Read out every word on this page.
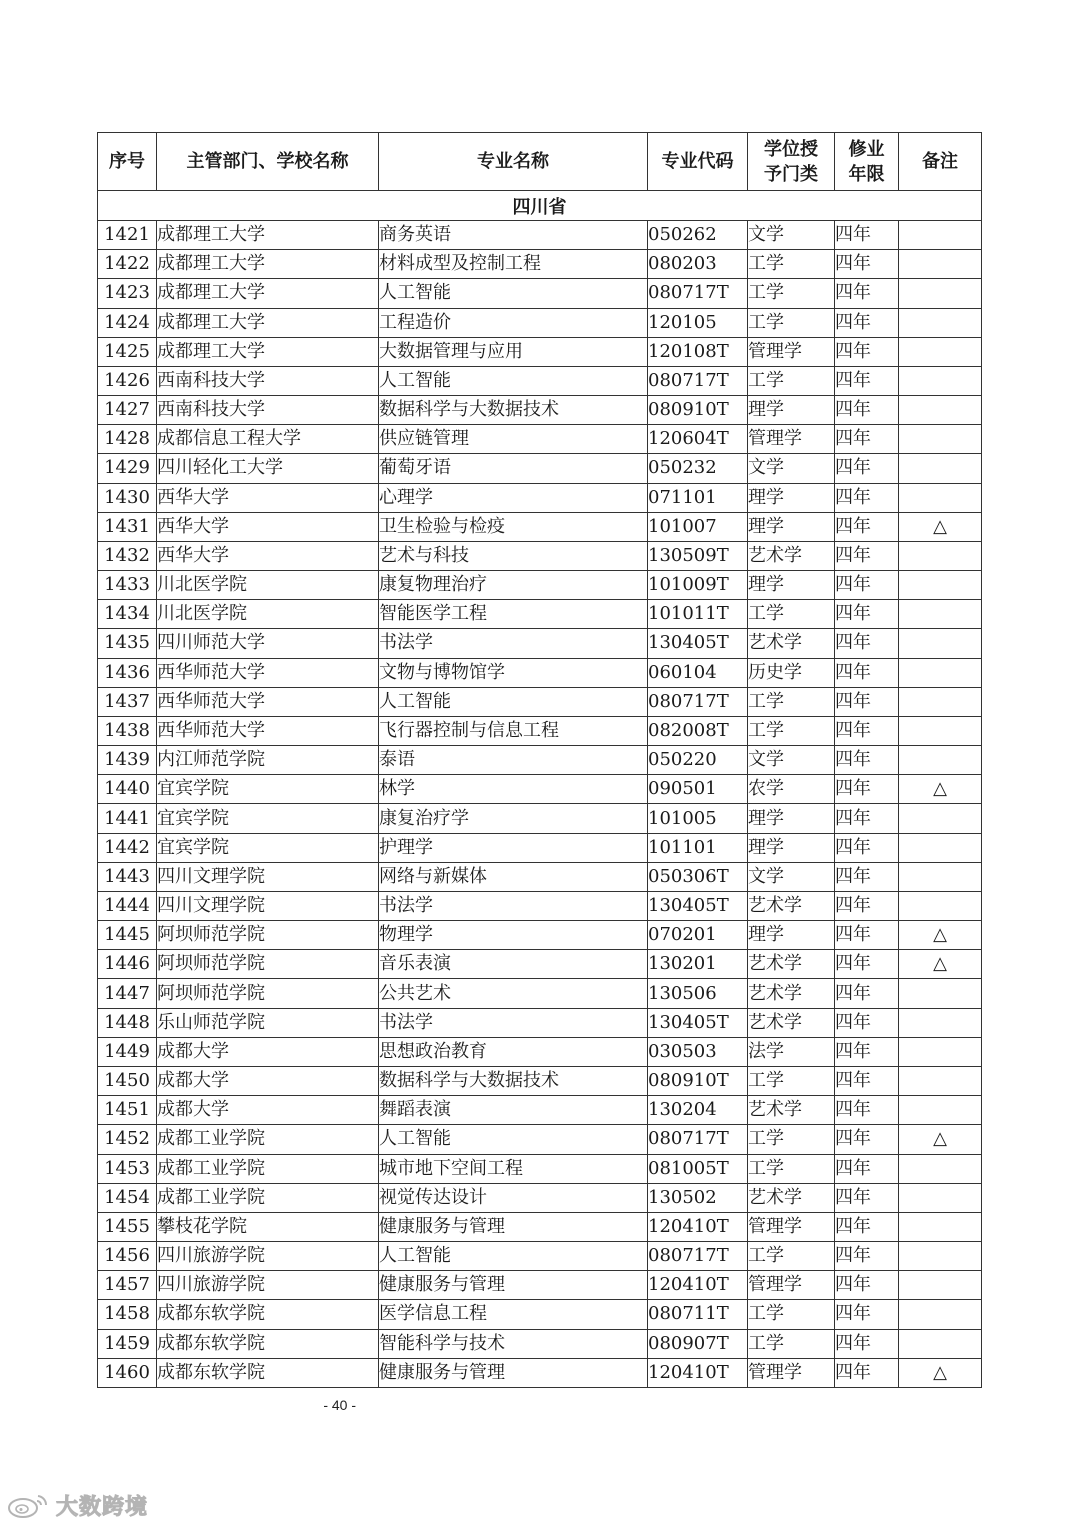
序号	主管部门、学校名称	专业名称	专业代码	学位授予门类	修业年限	备注
四川省						
1421	成都理工大学	商务英语	050262	文学	四年	
1422	成都理工大学	材料成型及控制工程	080203	工学	四年	
1423	成都理工大学	人工智能	080717T	工学	四年	
1424	成都理工大学	工程造价	120105	工学	四年	
1425	成都理工大学	大数据管理与应用	120108T	管理学	四年	
1426	西南科技大学	人工智能	080717T	工学	四年	
1427	西南科技大学	数据科学与大数据技术	080910T	理学	四年	
1428	成都信息工程大学	供应链管理	120604T	管理学	四年	
1429	四川轻化工大学	葡萄牙语	050232	文学	四年	
1430	西华大学	心理学	071101	理学	四年	
1431	西华大学	卫生检验与检疫	101007	理学	四年	△
1432	西华大学	艺术与科技	130509T	艺术学	四年	
1433	川北医学院	康复物理治疗	101009T	理学	四年	
1434	川北医学院	智能医学工程	101011T	工学	四年	
1435	四川师范大学	书法学	130405T	艺术学	四年	
1436	西华师范大学	文物与博物馆学	060104	历史学	四年	
1437	西华师范大学	人工智能	080717T	工学	四年	
1438	西华师范大学	飞行器控制与信息工程	082008T	工学	四年	
1439	内江师范学院	泰语	050220	文学	四年	
1440	宜宾学院	林学	090501	农学	四年	△
1441	宜宾学院	康复治疗学	101005	理学	四年	
1442	宜宾学院	护理学	101101	理学	四年	
1443	四川文理学院	网络与新媒体	050306T	文学	四年	
1444	四川文理学院	书法学	130405T	艺术学	四年	
1445	阿坝师范学院	物理学	070201	理学	四年	△
1446	阿坝师范学院	音乐表演	130201	艺术学	四年	△
1447	阿坝师范学院	公共艺术	130506	艺术学	四年	
1448	乐山师范学院	书法学	130405T	艺术学	四年	
1449	成都大学	思想政治教育	030503	法学	四年	
1450	成都大学	数据科学与大数据技术	080910T	工学	四年	
1451	成都大学	舞蹈表演	130204	艺术学	四年	
1452	成都工业学院	人工智能	080717T	工学	四年	△
1453	成都工业学院	城市地下空间工程	081005T	工学	四年	
1454	成都工业学院	视觉传达设计	130502	艺术学	四年	
1455	攀枝花学院	健康服务与管理	120410T	管理学	四年	
1456	四川旅游学院	人工智能	080717T	工学	四年	
1457	四川旅游学院	健康服务与管理	120410T	管理学	四年	
1458	成都东软学院	医学信息工程	080711T	工学	四年	
1459	成都东软学院	智能科学与技术	080907T	工学	四年	
1460	成都东软学院	健康服务与管理	120410T	管理学	四年	△
- 40 -
大数跨境
